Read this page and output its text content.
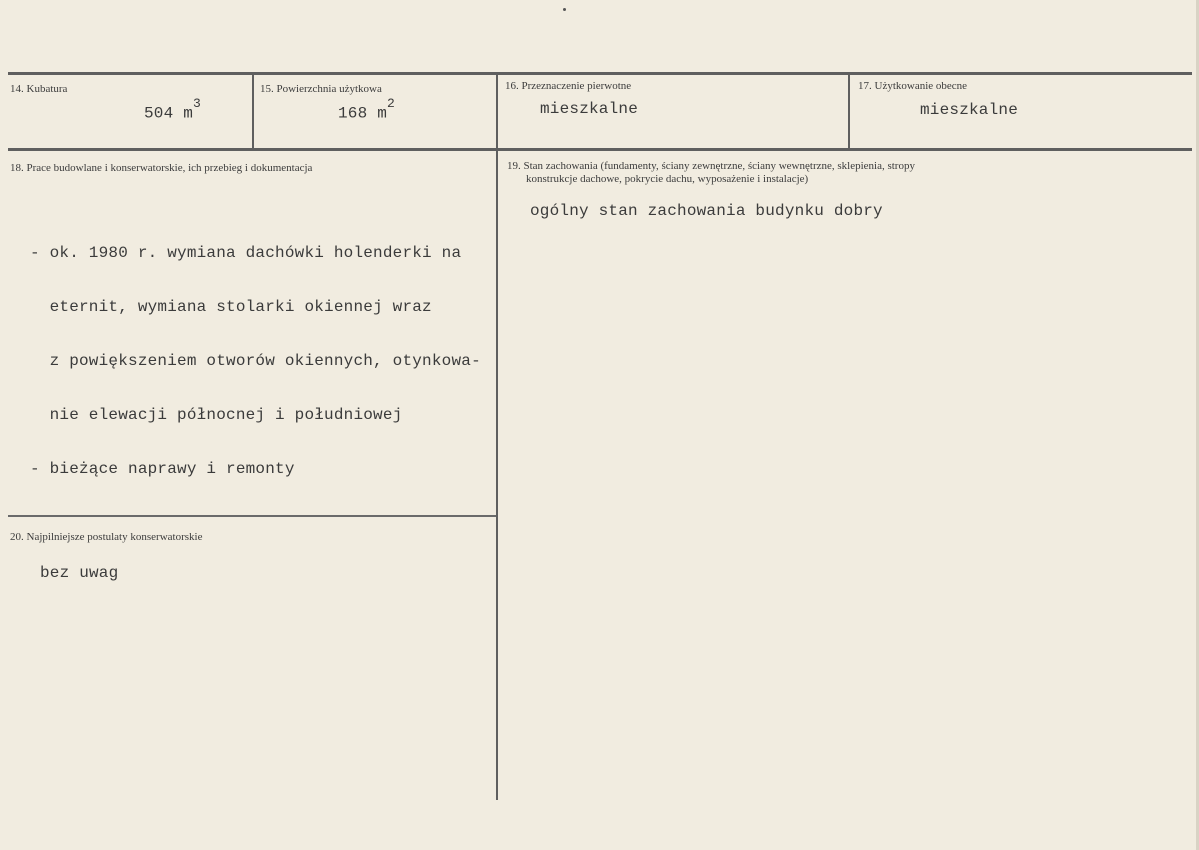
14. Kubatura
504 $m^3$
15. Powierzchnia użytkowa
168 $m^2$
16. Przeznaczenie pierwotne
mieszkalne
17. Użytkowanie obecne
mieszkalne
18. Prace budowlane i konserwatorskie, ich przebieg i dokumentacja

- ok. 1980 r. wymiana dachówki holenderki na

eternit, wymiana stolarki okiennej wraz

z powiększeniem otworów okiennych, otynkowa-

nie elewacji północnej i południowej

- bieżące naprawy i remonty

19. Stan zachowania (fundamenty, ściany zewnętrzne, ściany wewnętrzne, sklepienia, stropy
konstrukcje dachowe, pokrycie dachu, wyposażenie i instalacje)
ogólny stan zachowania budynku dobry
20. Najpilniejsze postulaty konserwatorskie
bez uwag
